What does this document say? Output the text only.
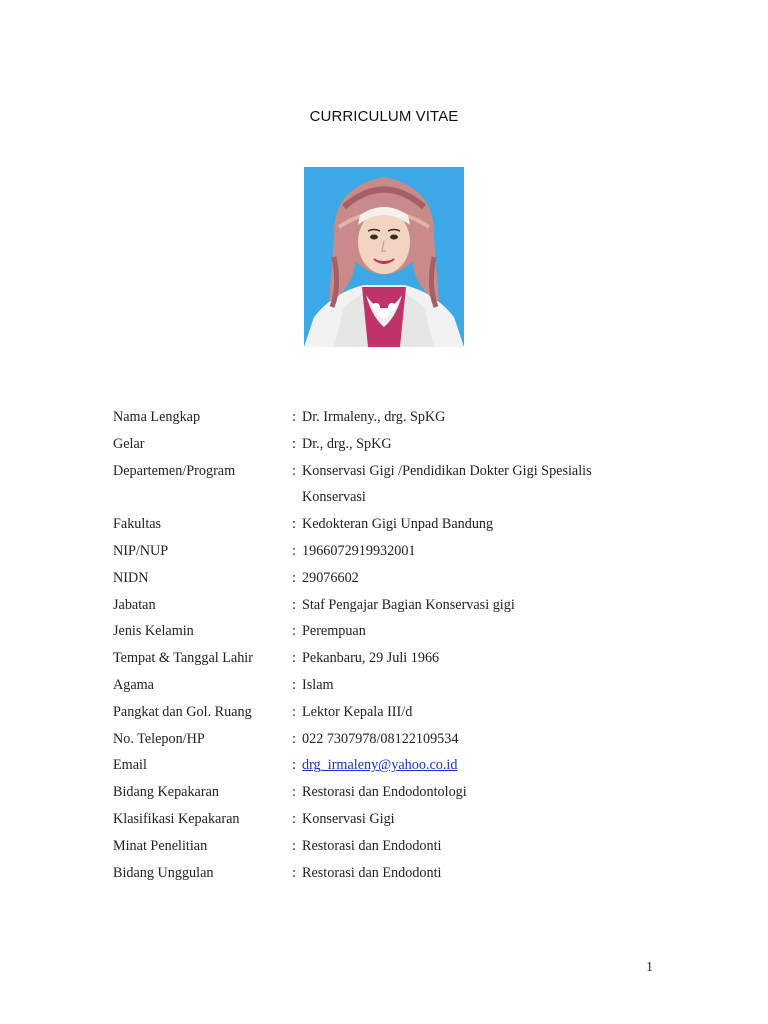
CURRICULUM VITAE
Nama Lengkap	: Dr. Irmaleny., drg. SpKG
Gelar	: Dr., drg., SpKG
Departemen/Program	: Konservasi Gigi /Pendidikan Dokter Gigi Spesialis
Konservasi
Fakultas	: Kedokteran Gigi Unpad Bandung
NIP/NUP	: 1966072919932001
NIDN	: 29076602
Jabatan	: Staf Pengajar Bagian Konservasi gigi
Jenis Kelamin	: Perempuan
Tempat & Tanggal Lahir	: Pekanbaru, 29 Juli 1966
Agama	: Islam
Pangkat dan Gol. Ruang	: Lektor Kepala III/d
No. Telepon/HP	: 022 7307978/08122109534
Email	: drg_irmaleny@yahoo.co.id
Bidang Kepakaran	: Restorasi dan Endodontologi
Klasifikasi Kepakaran	: Konservasi Gigi
Minat Penelitian	: Restorasi dan Endodonti
Bidang Unggulan	: Restorasi dan Endodonti
1
